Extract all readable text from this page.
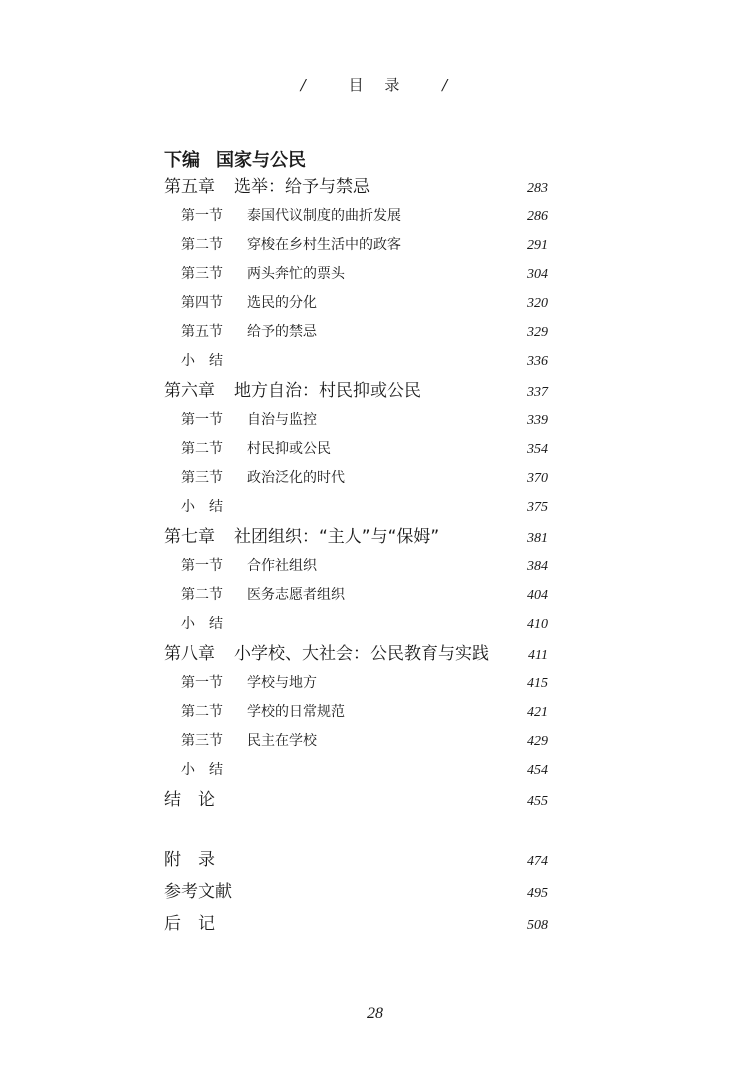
/	目 录	/
下编 国家与公民
第五章	选举：给予与禁忌	283
第一节	泰国代议制度的曲折发展	286
第二节	穿梭在乡村生活中的政客	291
第三节	两头奔忙的票头	304
第四节	选民的分化	320
第五节	给予的禁忌	329
小　结	336
第六章	地方自治：村民抑或公民	337
第一节	自治与监控	339
第二节	村民抑或公民	354
第三节	政治泛化的时代	370
小　结	375
第七章	社团组织：“主人”与“保姆”	381
第一节	合作社组织	384
第二节	医务志愿者组织	404
小　结	410
第八章	小学校、大社会：公民教育与实践	411
第一节	学校与地方	415
第二节	学校的日常规范	421
第三节	民主在学校	429
小　结	454
结　论	455
附　录	474
参考文献	495
后　记	508
28
